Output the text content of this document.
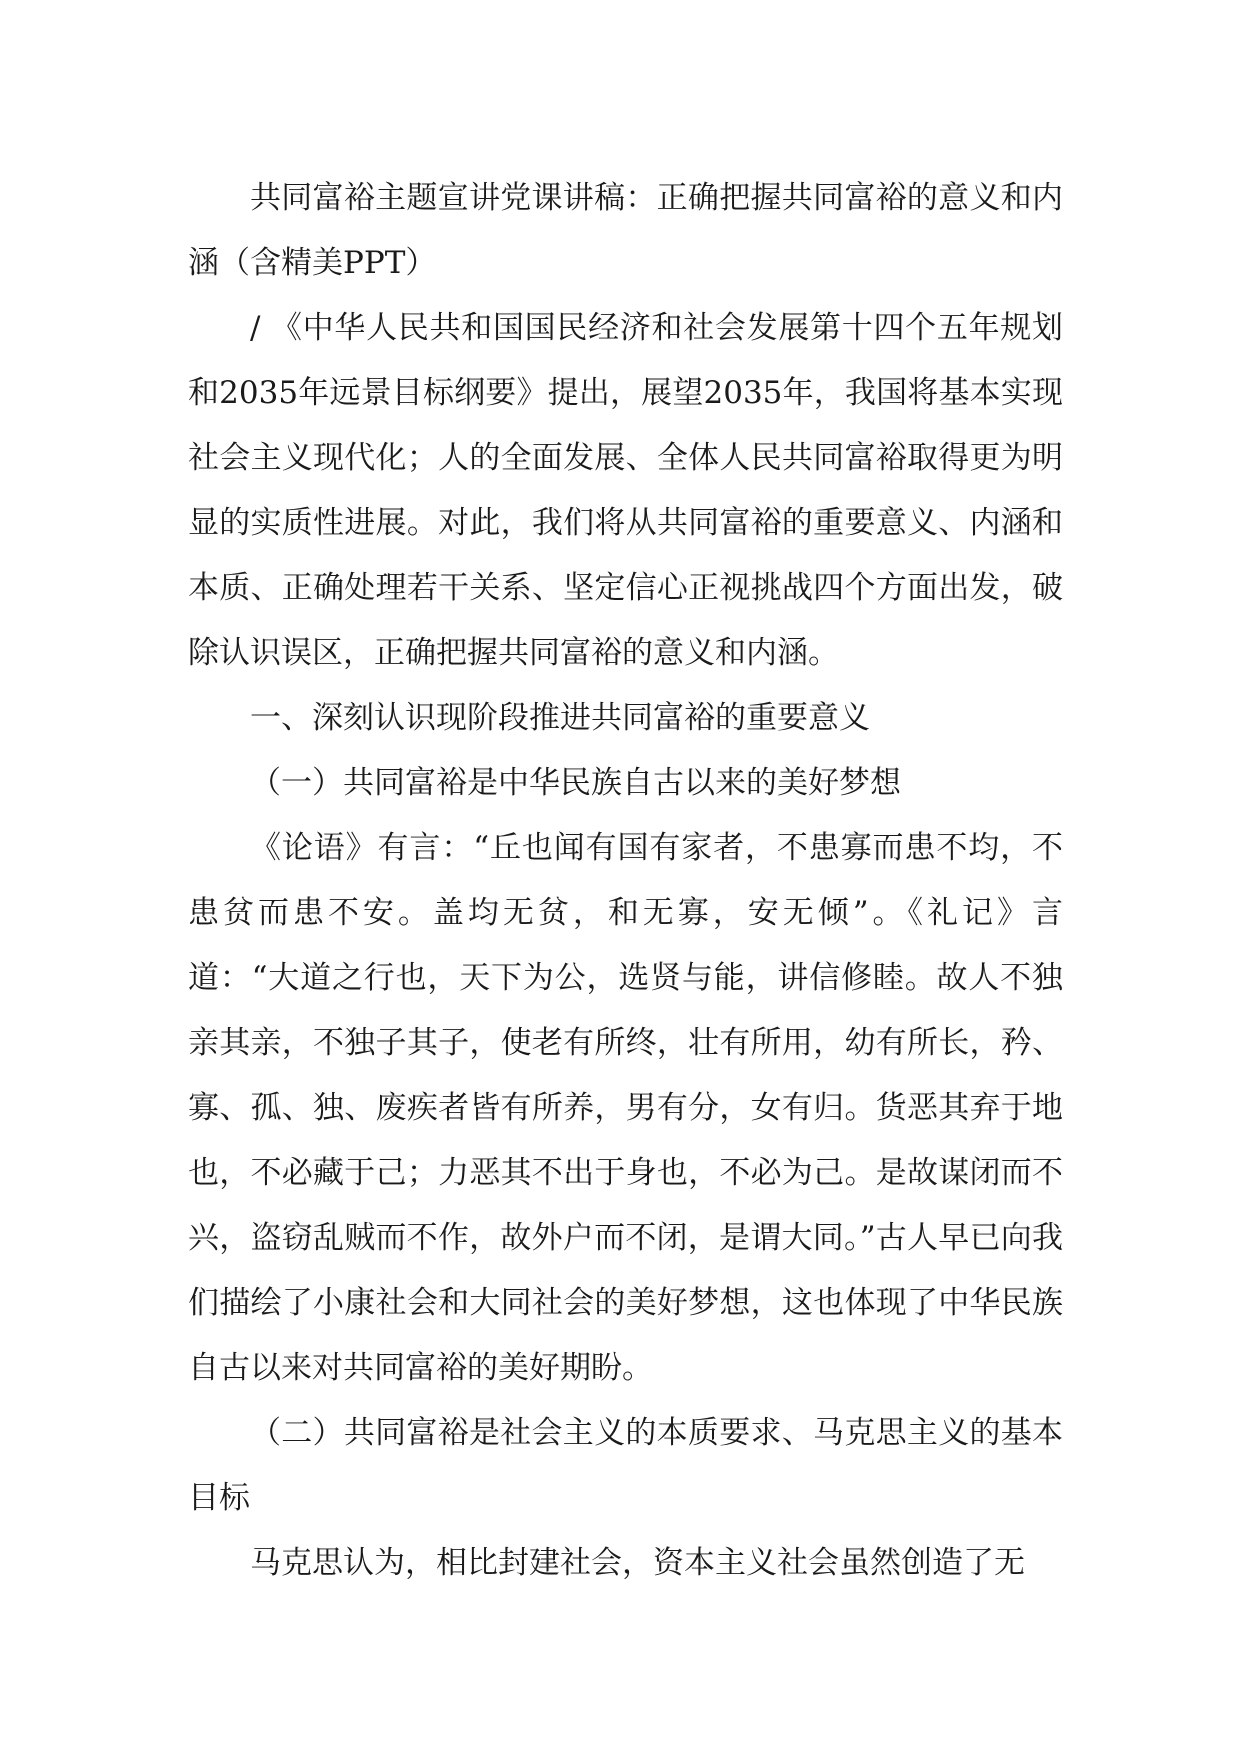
共同富裕主题宣讲党课讲稿：正确把握共同富裕的意义和内涵（含精美PPT）

/ 《中华人民共和国国民经济和社会发展第十四个五年规划和2035年远景目标纲要》提出，展望2035年，我国将基本实现社会主义现代化；人的全面发展、全体人民共同富裕取得更为明显的实质性进展。对此，我们将从共同富裕的重要意义、内涵和本质、正确处理若干关系、坚定信心正视挑战四个方面出发，破除认识误区，正确把握共同富裕的意义和内涵。

一、深刻认识现阶段推进共同富裕的重要意义

（一）共同富裕是中华民族自古以来的美好梦想

《论语》有言：“丘也闻有国有家者，不患寡而患不均，不患贫而患不安。盖均无贫，和无寡，安无倾”。《礼记》言道：“大道之行也，天下为公，选贤与能，讲信修睦。故人不独亲其亲，不独子其子，使老有所终，壮有所用，幼有所长，矜、寡、孤、独、废疾者皆有所养，男有分，女有归。货恶其弃于地也，不必藏于己；力恶其不出于身也，不必为己。是故谋闭而不兴，盗窃乱贼而不作，故外户而不闭，是谓大同。”古人早已向我们描绘了小康社会和大同社会的美好梦想，这也体现了中华民族自古以来对共同富裕的美好期盼。

（二）共同富裕是社会主义的本质要求、马克思主义的基本目标

马克思认为，相比封建社会，资本主义社会虽然创造了无
